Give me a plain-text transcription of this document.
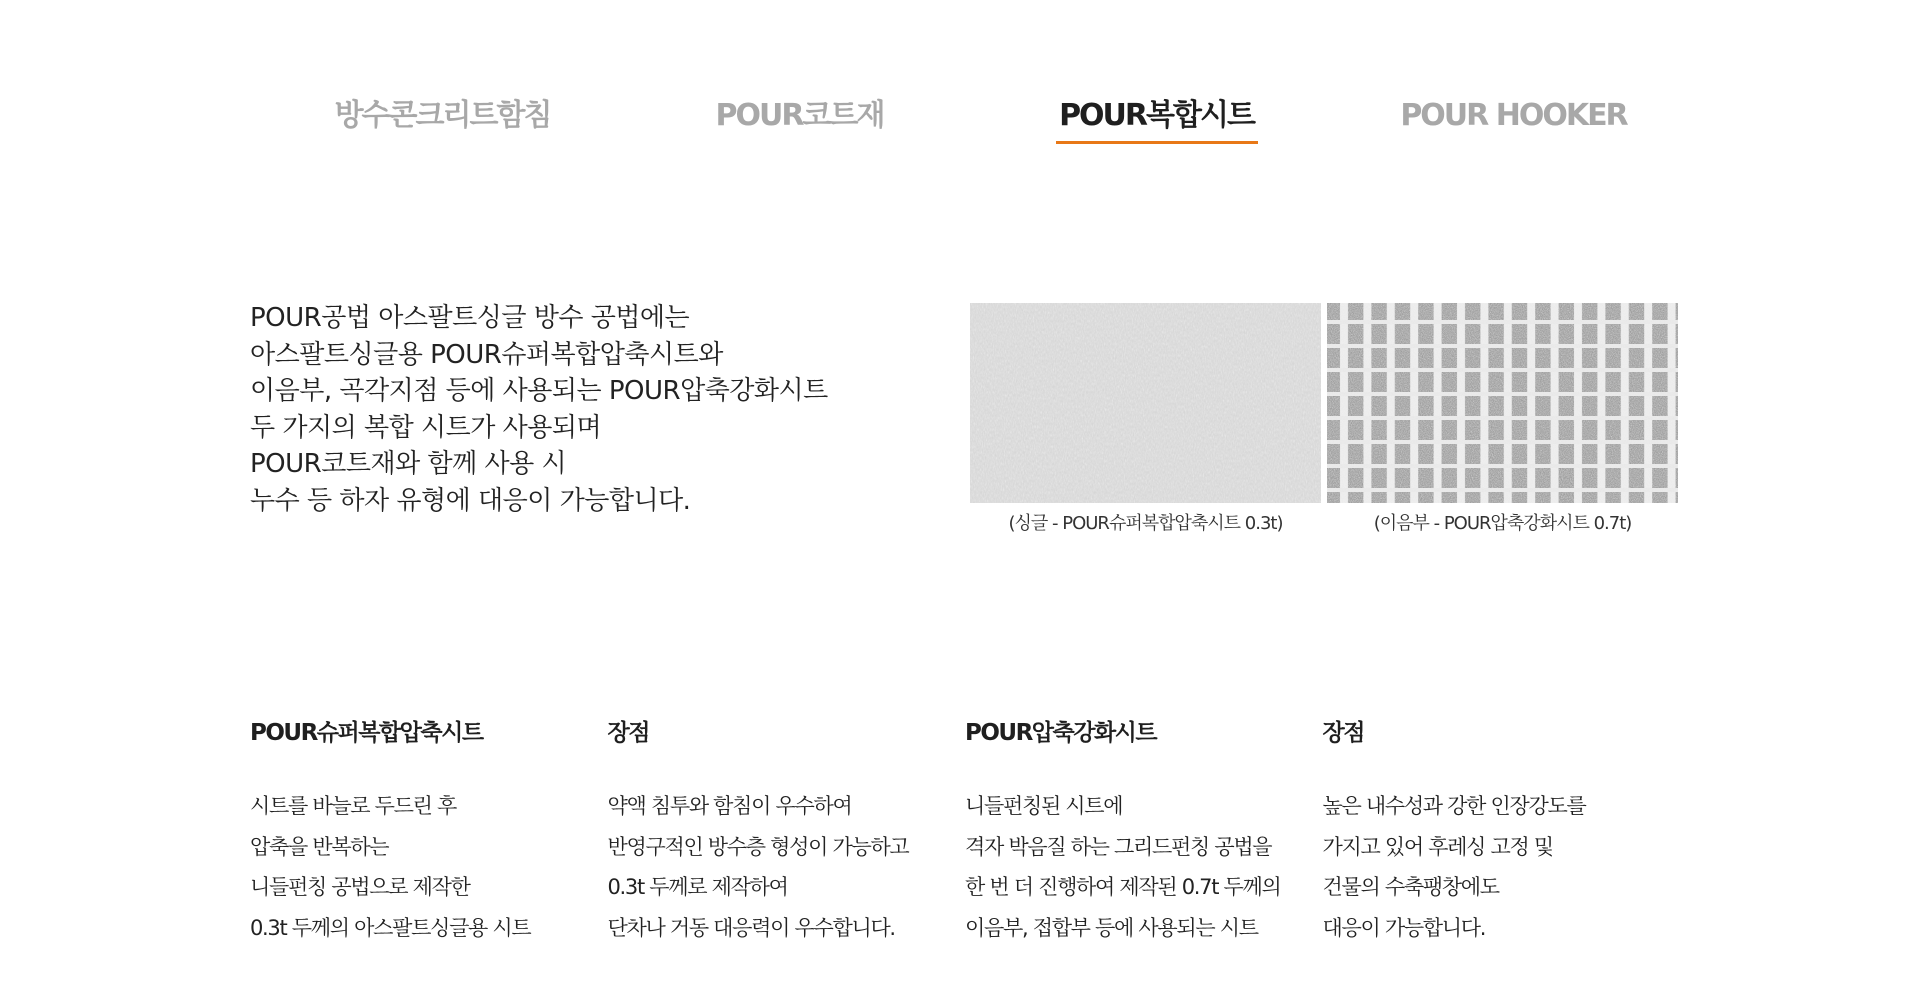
방수콘크리트함침	POUR코트재	POUR복합시트	POUR HOOKER

POUR공법 아스팔트싱글 방수 공법에는

아스팔트싱글용 POUR슈퍼복합압축시트와

이음부, 곡각지점 등에 사용되는 POUR압축강화시트

두 가지의 복합 시트가 사용되며

POUR코트재와 함께 사용 시

누수 등 하자 유형에 대응이 가능합니다.

(싱글 - POUR슈퍼복합압축시트 0.3t)	(이음부 - POUR압축강화시트 0.7t)
POUR슈퍼복합압축시트

시트를 바늘로 두드린 후

압축을 반복하는

니들펀칭 공법으로 제작한

0.3t 두께의 아스팔트싱글용 시트

장점

약액 침투와 함침이 우수하여

반영구적인 방수층 형성이 가능하고

0.3t 두께로 제작하여

단차나 거동 대응력이 우수합니다.

POUR압축강화시트

니들펀칭된 시트에

격자 박음질 하는 그리드펀칭 공법을

한 번 더 진행하여 제작된 0.7t 두께의

이음부, 접합부 등에 사용되는 시트

장점

높은 내수성과 강한 인장강도를

가지고 있어 후레싱 고정 및

건물의 수축팽창에도

대응이 가능합니다.
